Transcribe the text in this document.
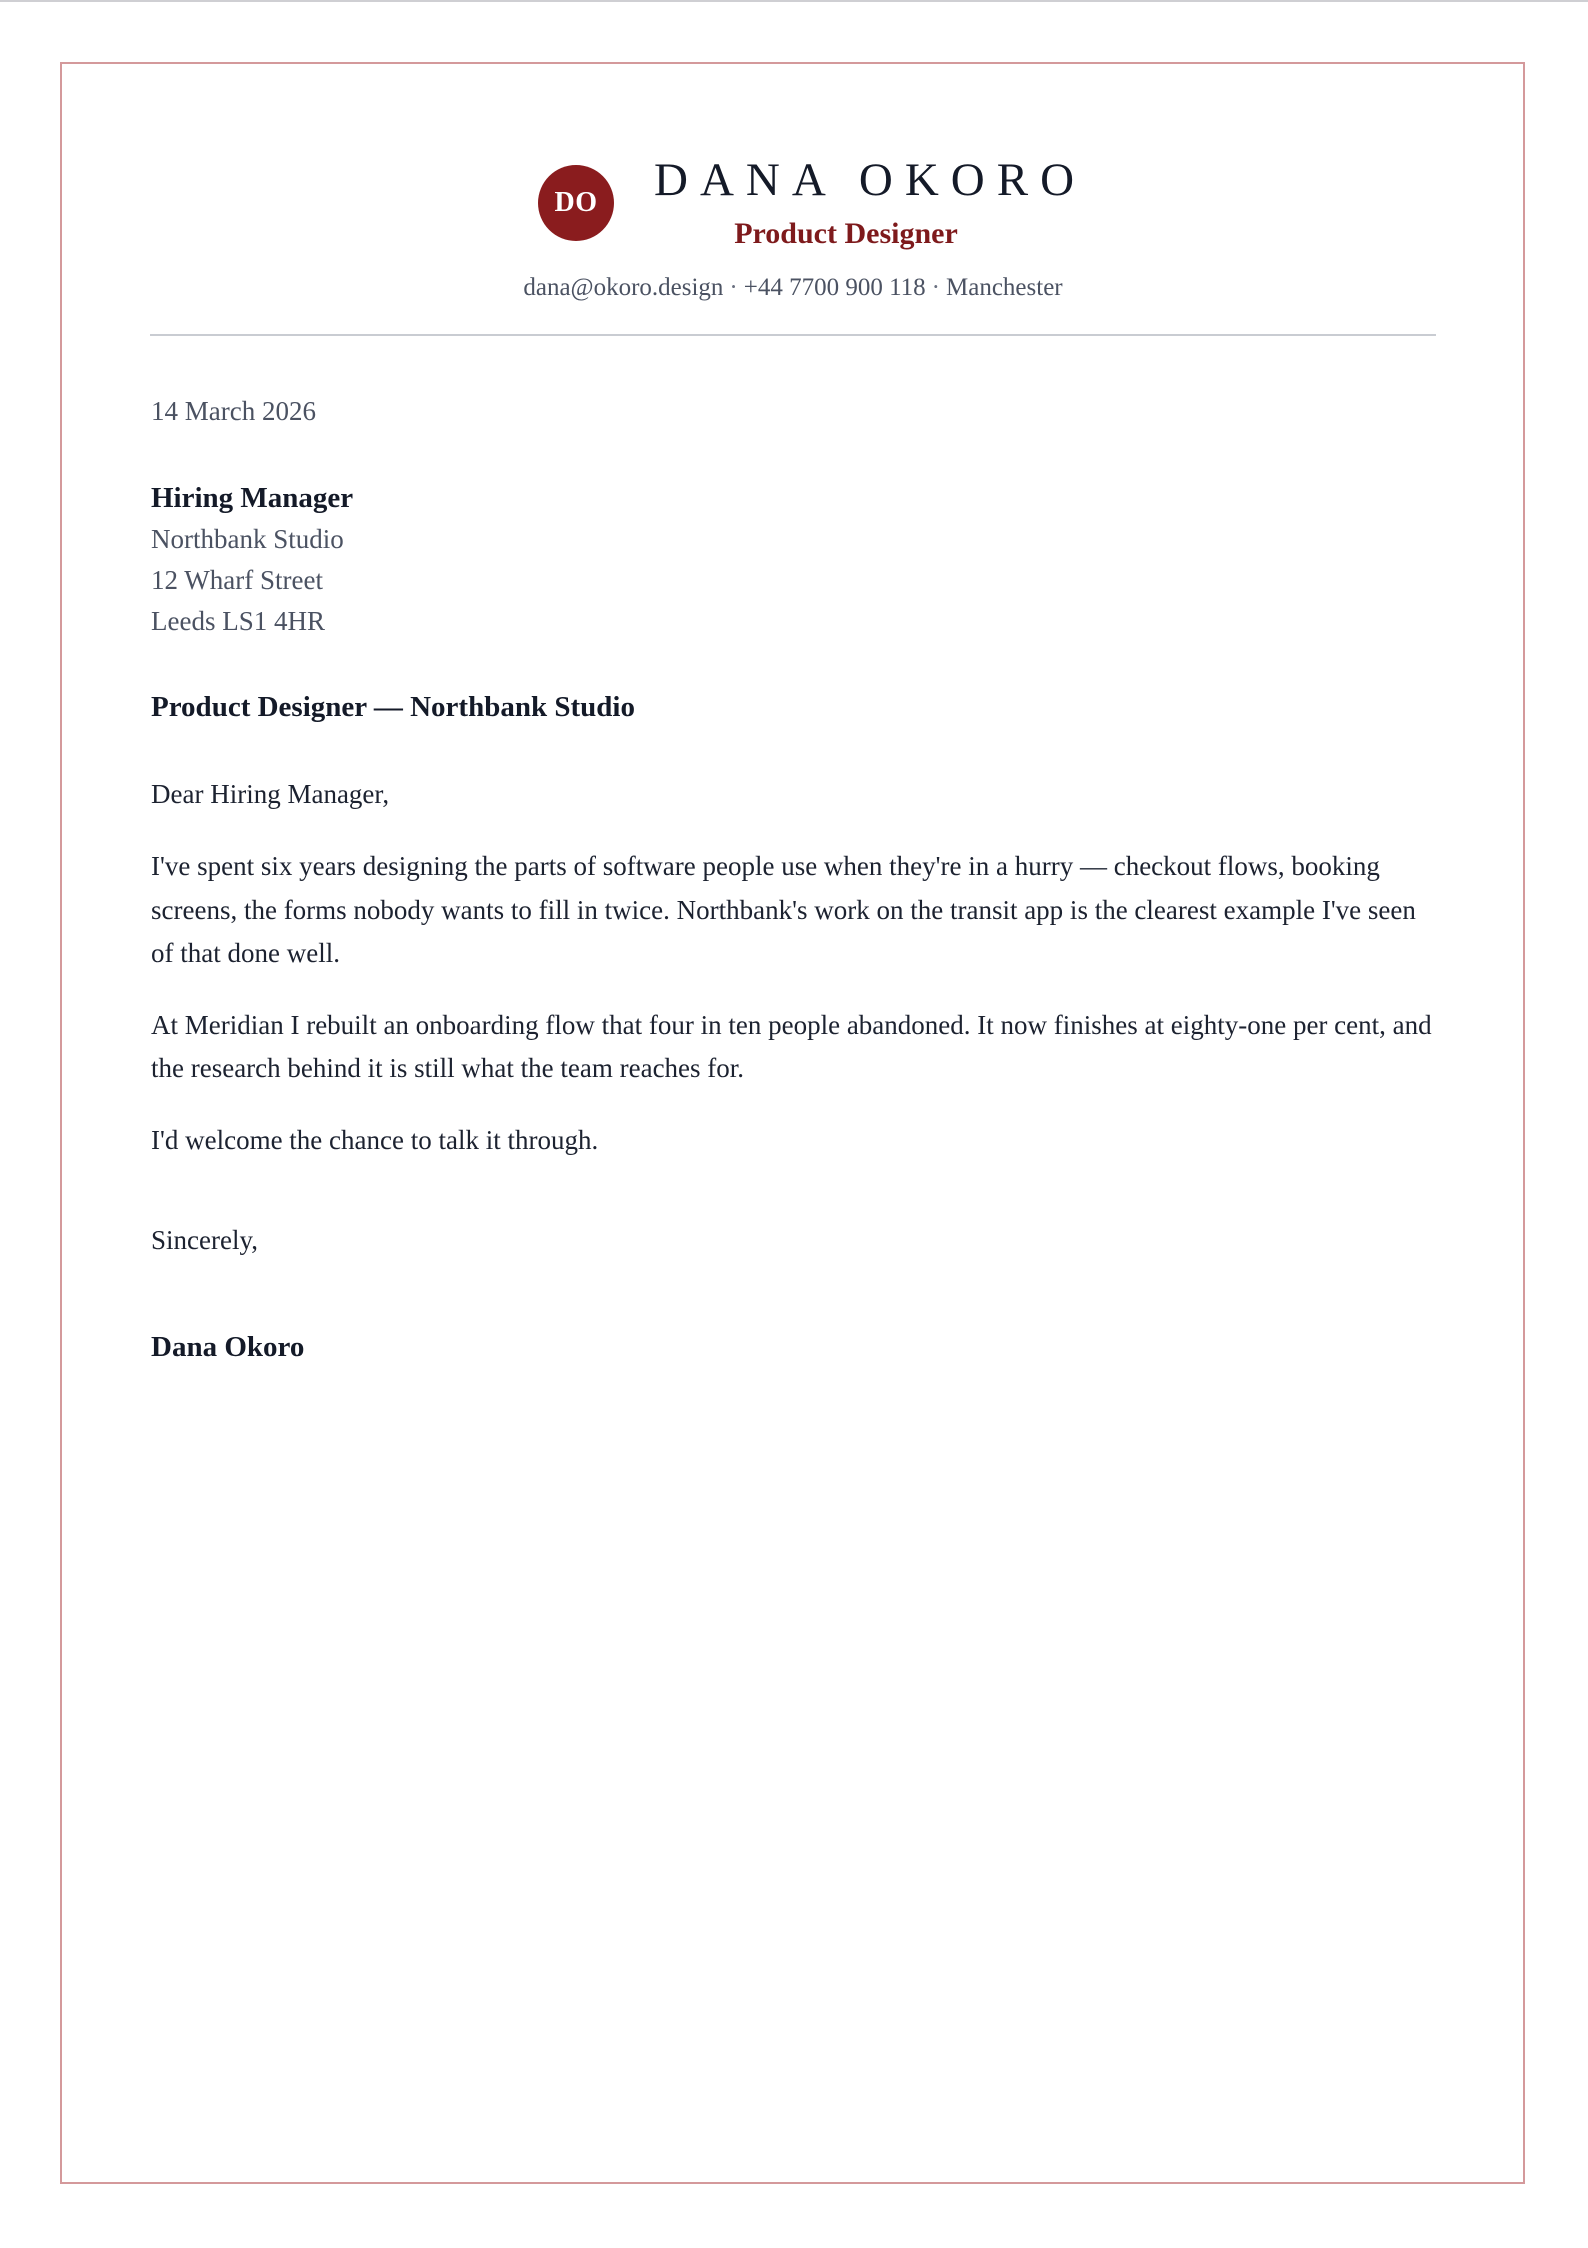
DO	DANA OKORO
Product Designer
dana@okoro.design · +44 7700 900 118 · Manchester

14 March 2026

Hiring Manager
Northbank Studio
12 Wharf Street
Leeds LS1 4HR
Product Designer — Northbank Studio
Dear Hiring Manager,
I've spent six years designing the parts of software people use when they're in a hurry — checkout flows, booking screens, the forms nobody wants to fill in twice. Northbank's work on the transit app is the clearest example I've seen of that done well.
At Meridian I rebuilt an onboarding flow that four in ten people abandoned. It now finishes at eighty-one per cent, and the research behind it is still what the team reaches for.
I'd welcome the chance to talk it through.
Sincerely,
Dana Okoro
